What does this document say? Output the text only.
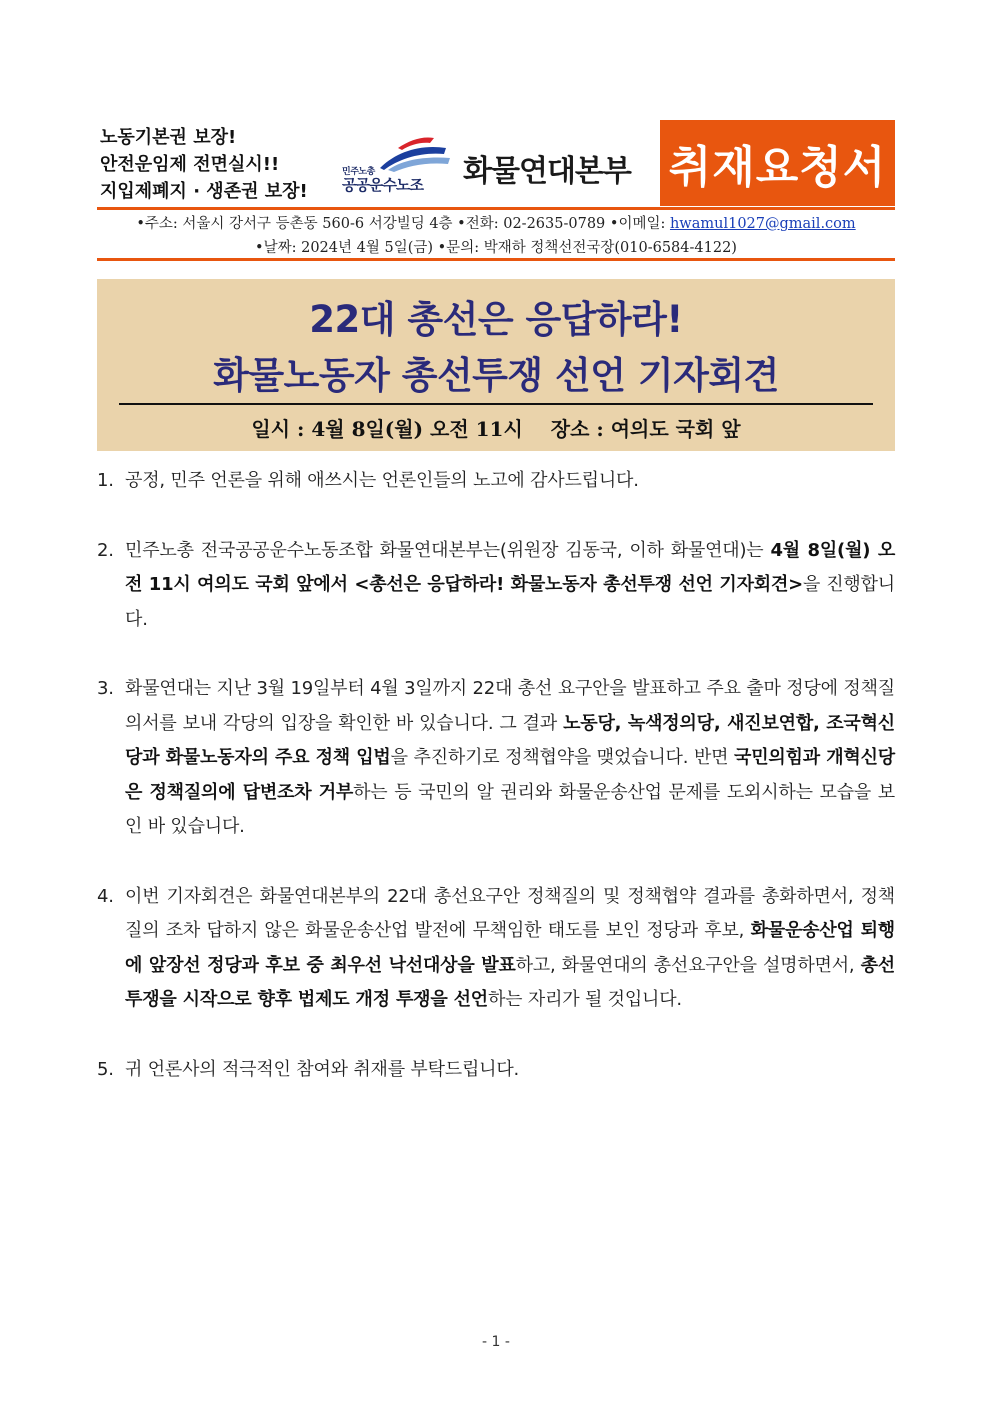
노동기본권 보장!
안전운임제 전면실시!!
지입제폐지 · 생존권 보장!
민주노총
공공운수노조 화물연대본부 취재요청서
•주소: 서울시 강서구 등촌동 560-6 서강빌딩 4층 •전화: 02-2635-0789 •이메일: hwamul1027@gmail.com
•날짜: 2024년 4월 5일(금) •문의: 박재하 정책선전국장(010-6584-4122)
22대 총선은 응답하라!
화물노동자 총선투쟁 선언 기자회견
일시 : 4월 8일(월) 오전 11시 장소 : 여의도 국회 앞
1. 공정, 민주 언론을 위해 애쓰시는 언론인들의 노고에 감사드립니다.
2. 민주노총 전국공공운수노동조합 화물연대본부는(위원장 김동국, 이하 화물연대)는 4월 8일(월) 오전 11시 여의도 국회 앞에서 <총선은 응답하라! 화물노동자 총선투쟁 선언 기자회견>을 진행합니다.
3. 화물연대는 지난 3월 19일부터 4월 3일까지 22대 총선 요구안을 발표하고 주요 출마 정당에 정책질의서를 보내 각당의 입장을 확인한 바 있습니다. 그 결과 노동당, 녹색정의당, 새진보연합, 조국혁신당과 화물노동자의 주요 정책 입법을 추진하기로 정책협약을 맺었습니다. 반면 국민의힘과 개혁신당은 정책질의에 답변조차 거부하는 등 국민의 알 권리와 화물운송산업 문제를 도외시하는 모습을 보인 바 있습니다.
4. 이번 기자회견은 화물연대본부의 22대 총선요구안 정책질의 및 정책협약 결과를 총화하면서, 정책질의 조차 답하지 않은 화물운송산업 발전에 무책임한 태도를 보인 정당과 후보, 화물운송산업 퇴행에 앞장선 정당과 후보 중 최우선 낙선대상을 발표하고, 화물연대의 총선요구안을 설명하면서, 총선 투쟁을 시작으로 향후 법제도 개정 투쟁을 선언하는 자리가 될 것입니다.
5. 귀 언론사의 적극적인 참여와 취재를 부탁드립니다.
- 1 -
